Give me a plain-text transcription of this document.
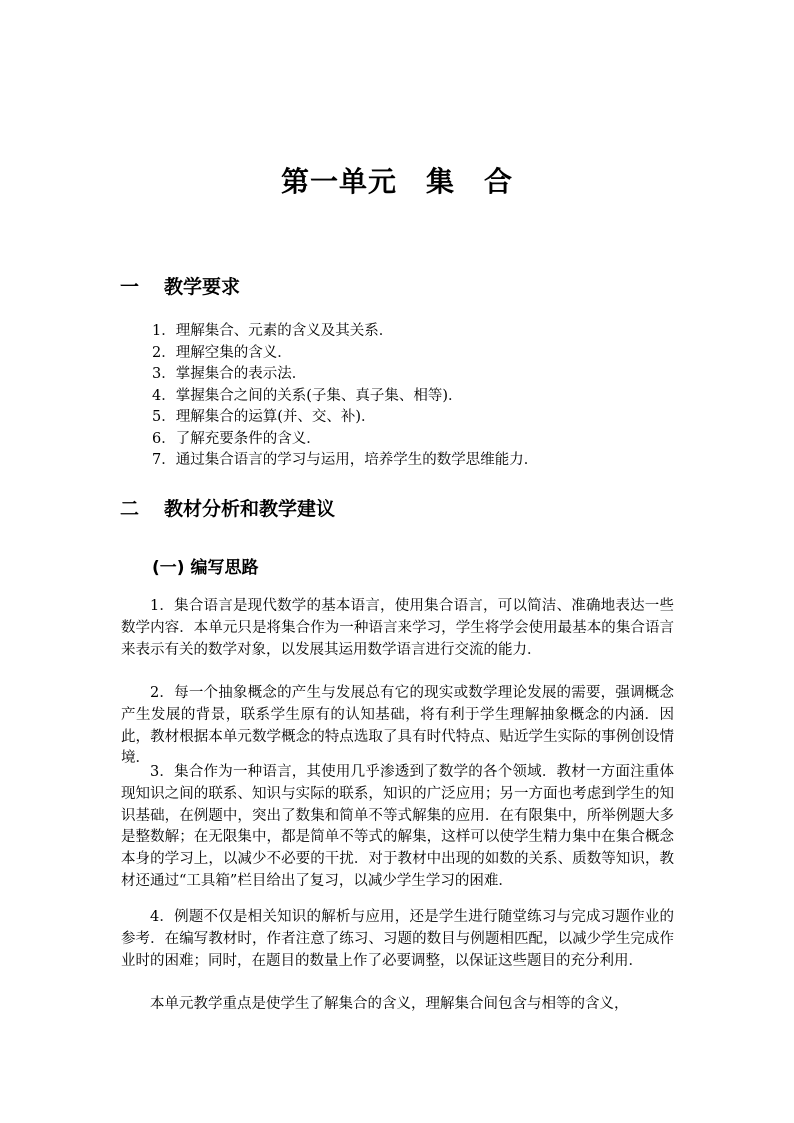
第一单元　集　合
一 教学要求
1．理解集合、元素的含义及其关系．
2．理解空集的含义．
3．掌握集合的表示法．
4．掌握集合之间的关系(子集、真子集、相等)．
5．理解集合的运算(并、交、补)．
6．了解充要条件的含义．
7．通过集合语言的学习与运用，培养学生的数学思维能力．
二 教材分析和教学建议
(一) 编写思路

1．集合语言是现代数学的基本语言，使用集合语言，可以简洁、准确地表达一些数学内容．本单元只是将集合作为一种语言来学习，学生将学会使用最基本的集合语言来表示有关的数学对象，以发展其运用数学语言进行交流的能力．

2．每一个抽象概念的产生与发展总有它的现实或数学理论发展的需要，强调概念产生发展的背景，联系学生原有的认知基础，将有利于学生理解抽象概念的内涵．因此，教材根据本单元数学概念的特点选取了具有时代特点、贴近学生实际的事例创设情境．

3．集合作为一种语言，其使用几乎渗透到了数学的各个领域．教材一方面注重体现知识之间的联系、知识与实际的联系，知识的广泛应用；另一方面也考虑到学生的知识基础，在例题中，突出了数集和简单不等式解集的应用．在有限集中，所举例题大多是整数解；在无限集中，都是简单不等式的解集，这样可以使学生精力集中在集合概念本身的学习上，以减少不必要的干扰．对于教材中出现的如数的关系、质数等知识，教材还通过“工具箱”栏目给出了复习，以减少学生学习的困难．

4．例题不仅是相关知识的解析与应用，还是学生进行随堂练习与完成习题作业的参考．在编写教材时，作者注意了练习、习题的数目与例题相匹配，以减少学生完成作业时的困难；同时，在题目的数量上作了必要调整，以保证这些题目的充分利用．

本单元教学重点是使学生了解集合的含义，理解集合间包含与相等的含义，
